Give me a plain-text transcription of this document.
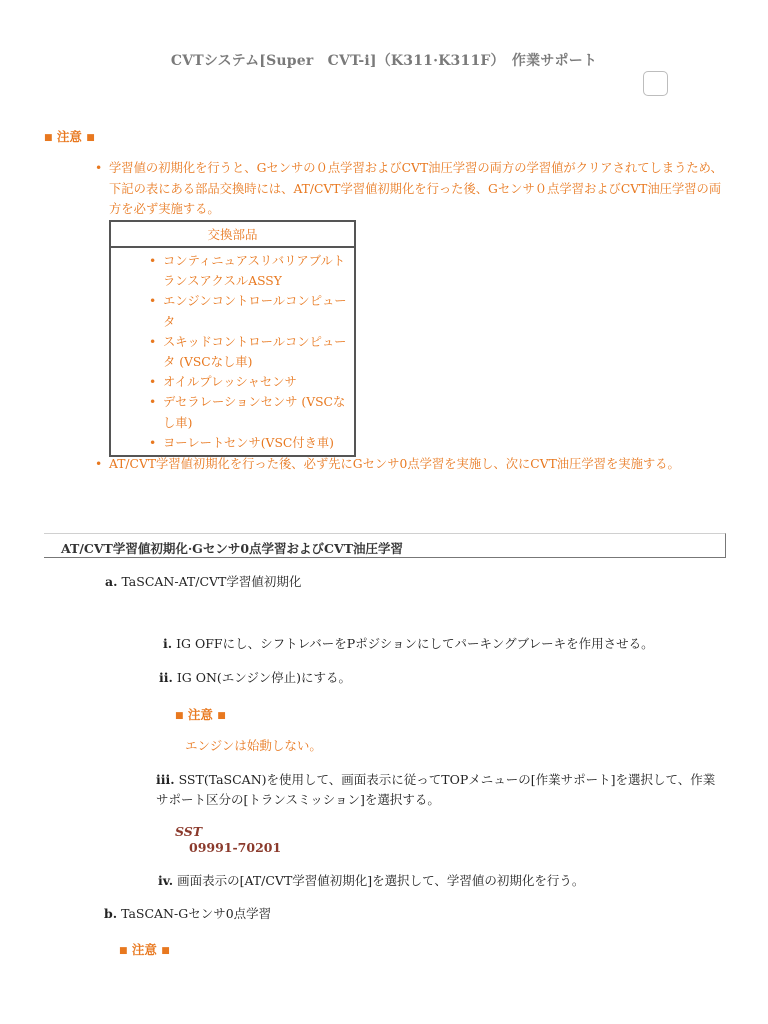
CVTシステム[Super　CVT-i]（K311·K311F）　作業サポート
■ 注意 ■
• 学習値の初期化を行うと、Gセンサの０点学習およびCVT油圧学習の両方の学習値がクリアされてしまうため、下記の表にある部品交換時には、AT/CVT学習値初期化を行った後、Gセンサ０点学習およびCVT油圧学習の両方を必ず実施する。
交換部品

• コンティニュアスリバリアブルトランスアクスルASSY
• エンジンコントロールコンピュータ
• スキッドコントロールコンピュータ (VSCなし車)
• オイルプレッシャセンサ
• デセラレーションセンサ (VSCなし車)
• ヨーレートセンサ(VSC付き車)
• AT/CVT学習値初期化を行った後、必ず先にGセンサ0点学習を実施し、次にCVT油圧学習を実施する。
AT/CVT学習値初期化·Gセンサ0点学習およびCVT油圧学習
a. TaSCAN-AT/CVT学習値初期化
i. IG OFFにし、シフトレバーをPポジションにしてパーキングブレーキを作用させる。
ii. IG ON(エンジン停止)にする。
■ 注意 ■
エンジンは始動しない。
iii. SST(TaSCAN)を使用して、画面表示に従ってTOPメニューの[作業サポート]を選択して、作業サポート区分の[トランスミッション]を選択する。
SST
09991-70201
iv. 画面表示の[AT/CVT学習値初期化]を選択して、学習値の初期化を行う。
b. TaSCAN-Gセンサ0点学習
■ 注意 ■
